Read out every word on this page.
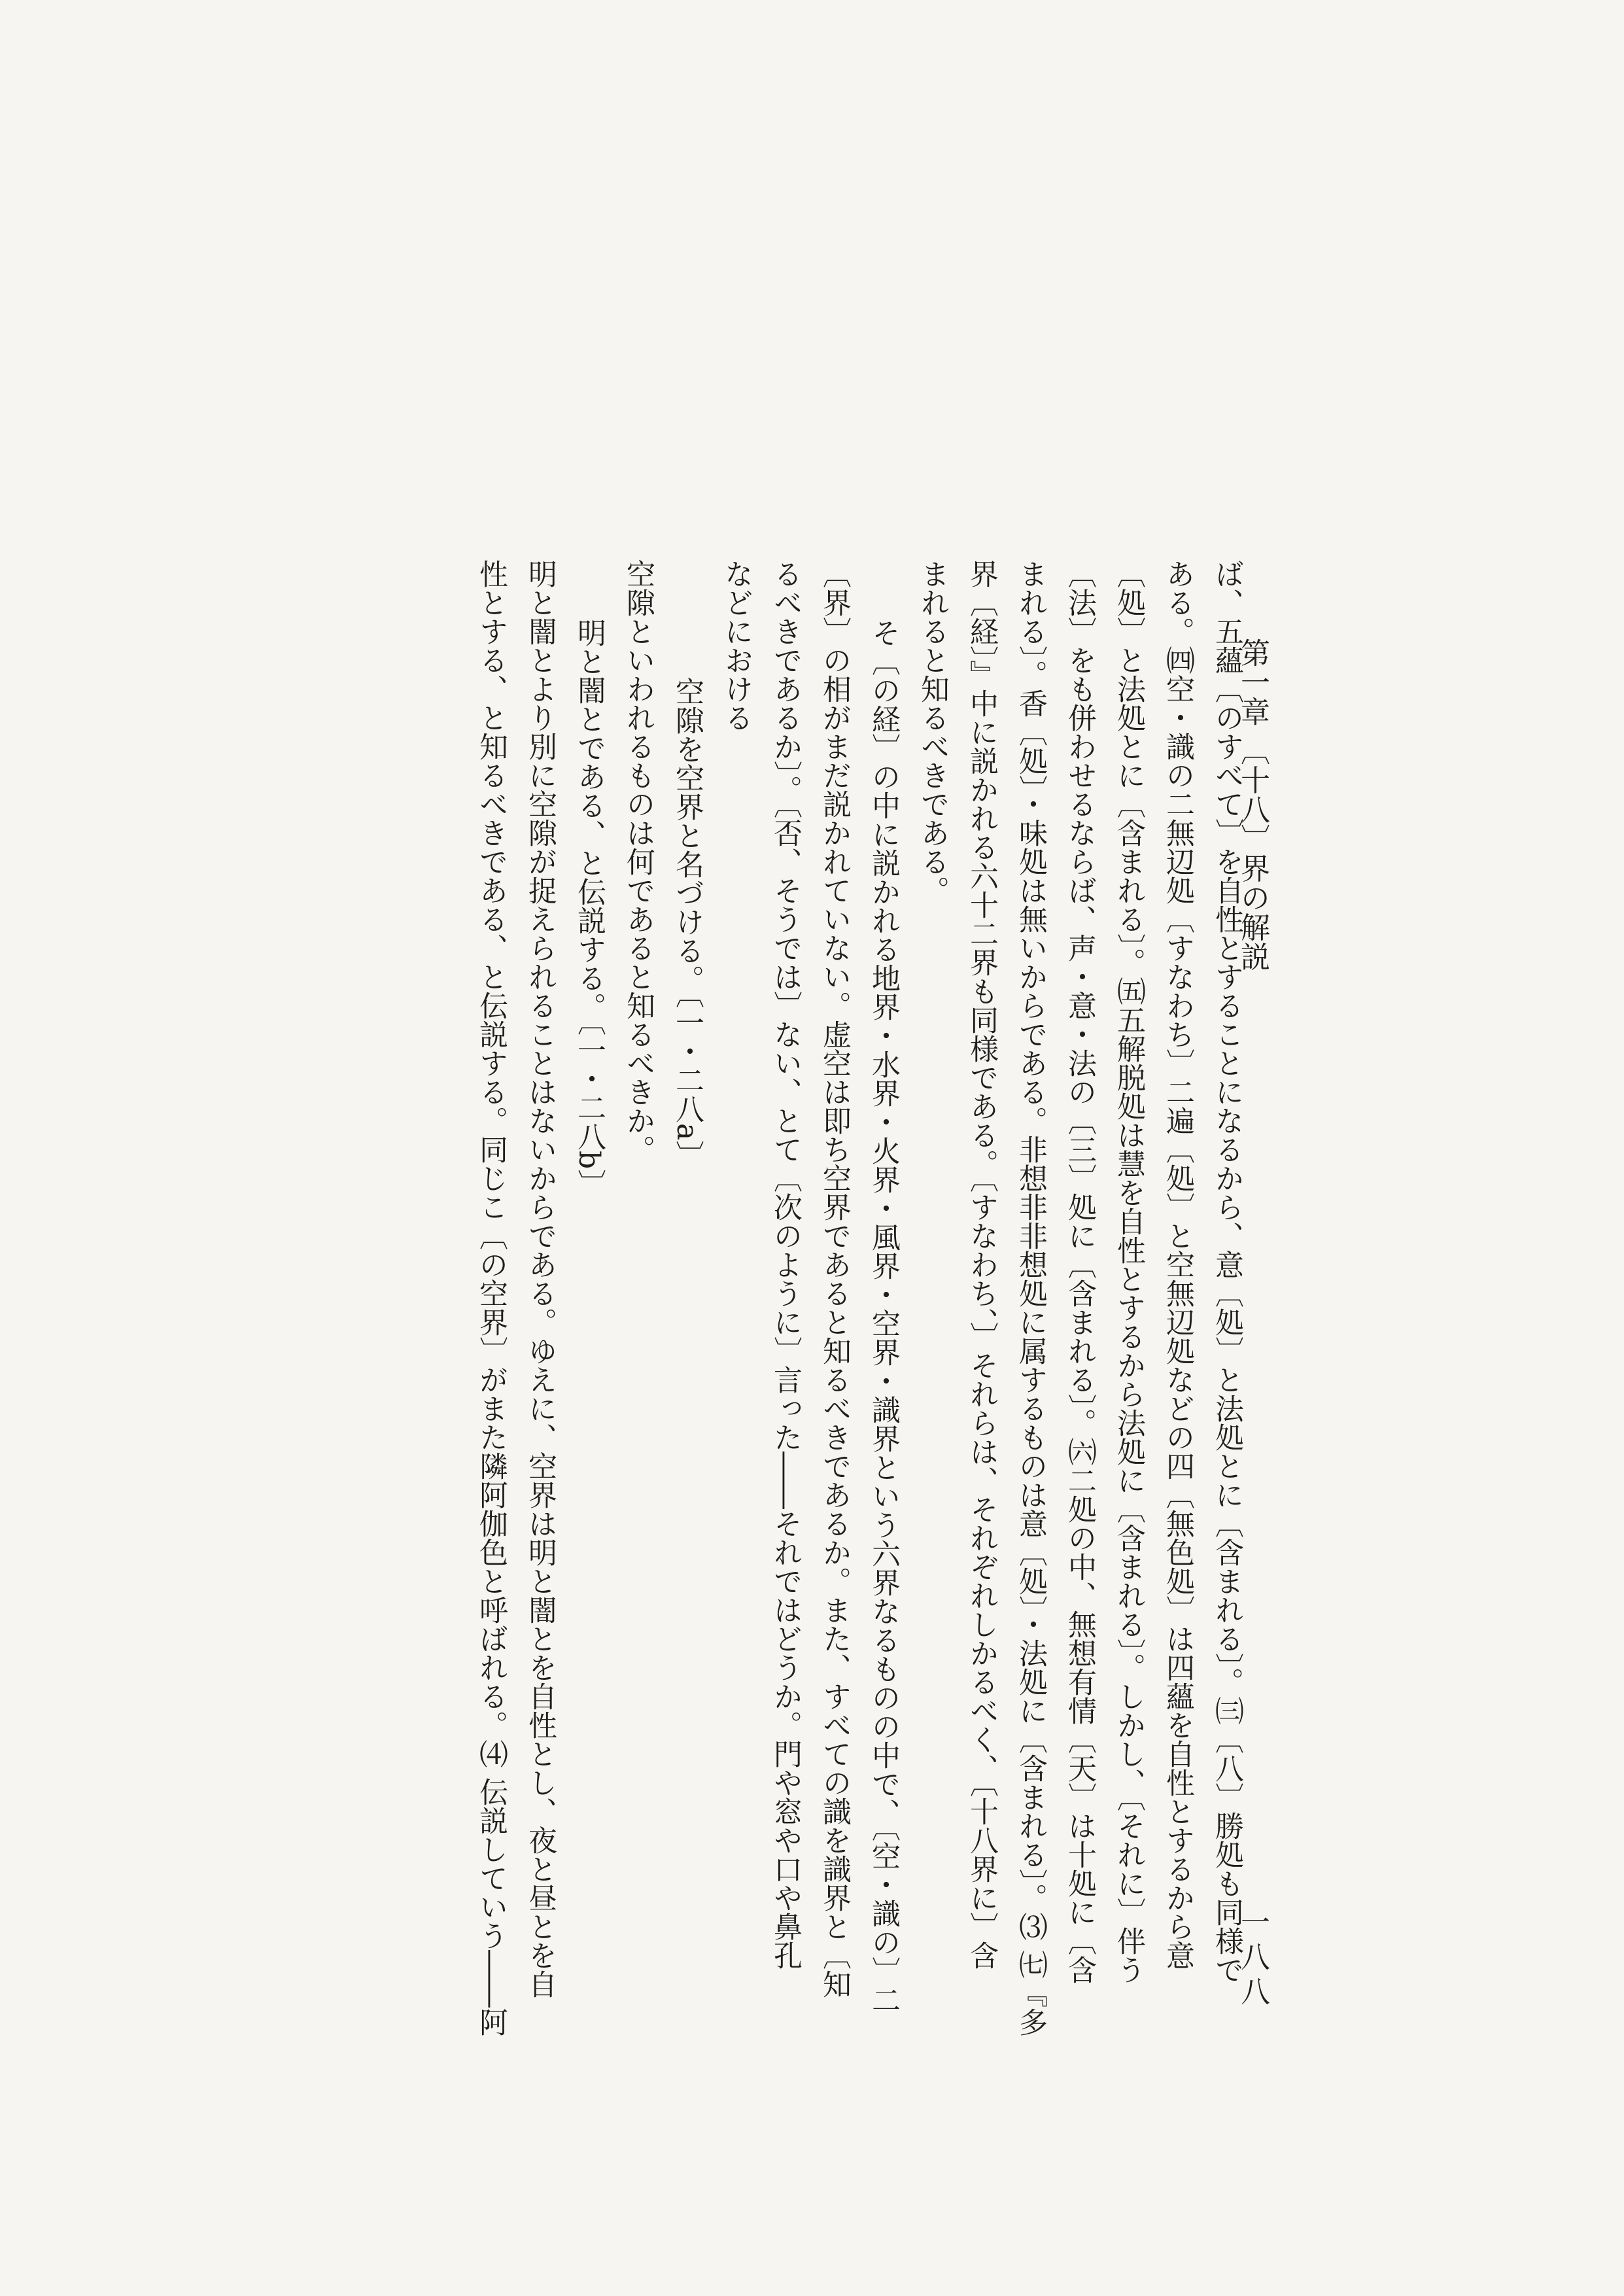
第一章 〔十八〕界の解説
一八八
ば、五蘊〔のすべて〕を自性とすることになるから、意〔処〕と法処とに〔含まれる〕。㈢〔八〕勝処も同様で
ある。㈣空・識の二無辺処〔すなわち〕二遍〔処〕と空無辺処などの四〔無色処〕は四蘊を自性とするから意
〔処〕と法処とに〔含まれる〕。㈤五解脱処は慧を自性とするから法処に〔含まれる〕。しかし、〔それに〕伴う
〔法〕をも併わせるならば、声・意・法の〔三〕処に〔含まれる〕。㈥二処の中、無想有情〔天〕は十処に〔含
まれる〕。香〔処〕・味処は無いからである。非想非非想処に属するものは意〔処〕・法処に〔含まれる〕。⑶ ㈦『多
界〔経〕』中に説かれる六十二界も同様である。〔すなわち、〕それらは、それぞれしかるべく、〔十八界に〕含
まれると知るべきである。
そ〔の経〕の中に説かれる地界・水界・火界・風界・空界・識界という六界なるものの中で、〔空・識の〕二
〔界〕の相がまだ説かれていない。虚空は即ち空界であると知るべきであるか。また、すべての識を識界と〔知
るべきであるか〕。〔否、そうでは〕ない、とて〔次のように〕言った――それではどうか。門や窓や口や鼻孔
などにおける
空隙を空界と名づける。〔一・二八a〕
空隙といわれるものは何であると知るべきか。
明と闇とである、と伝説する。〔一・二八b〕
明と闇とより別に空隙が捉えられることはないからである。ゆえに、空界は明と闇とを自性とし、夜と昼とを自
性とする、と知るべきである、と伝説する。同じこ〔の空界〕がまた隣阿伽色と呼ばれる。⑷ 伝説していう――阿
